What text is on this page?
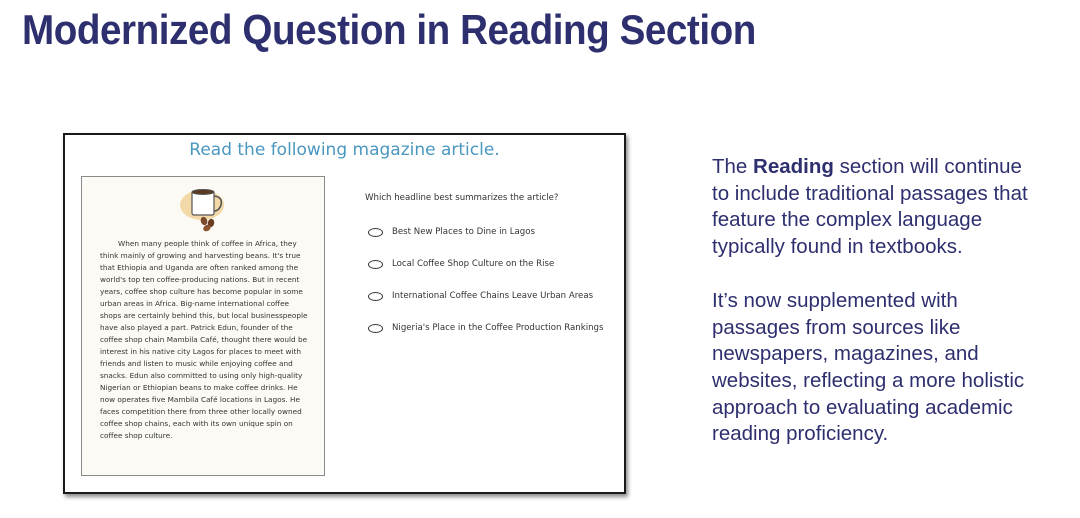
Modernized Question in Reading Section
Read the following magazine article.

When many people think of coffee in Africa, they think mainly of growing and harvesting beans. It's true that Ethiopia and Uganda are often ranked among the world's top ten coffee-producing nations. But in recent years, coffee shop culture has become popular in some urban areas in Africa. Big-name international coffee shops are certainly behind this, but local businesspeople have also played a part. Patrick Edun, founder of the coffee shop chain Mambila Café, thought there would be interest in his native city Lagos for places to meet with friends and listen to music while enjoying coffee and snacks. Edun also committed to using only high-quality Nigerian or Ethiopian beans to make coffee drinks. He now operates five Mambila Café locations in Lagos. He faces competition there from three other locally owned coffee shop chains, each with its own unique spin on coffee shop culture.

Which headline best summarizes the article?
Best New Places to Dine in Lagos
Local Coffee Shop Culture on the Rise
International Coffee Chains Leave Urban Areas
Nigeria's Place in the Coffee Production Rankings

The Reading section will continue to include traditional passages that feature the complex language typically found in textbooks.

It’s now supplemented with passages from sources like newspapers, magazines, and websites, reflecting a more holistic approach to evaluating academic reading proficiency.
